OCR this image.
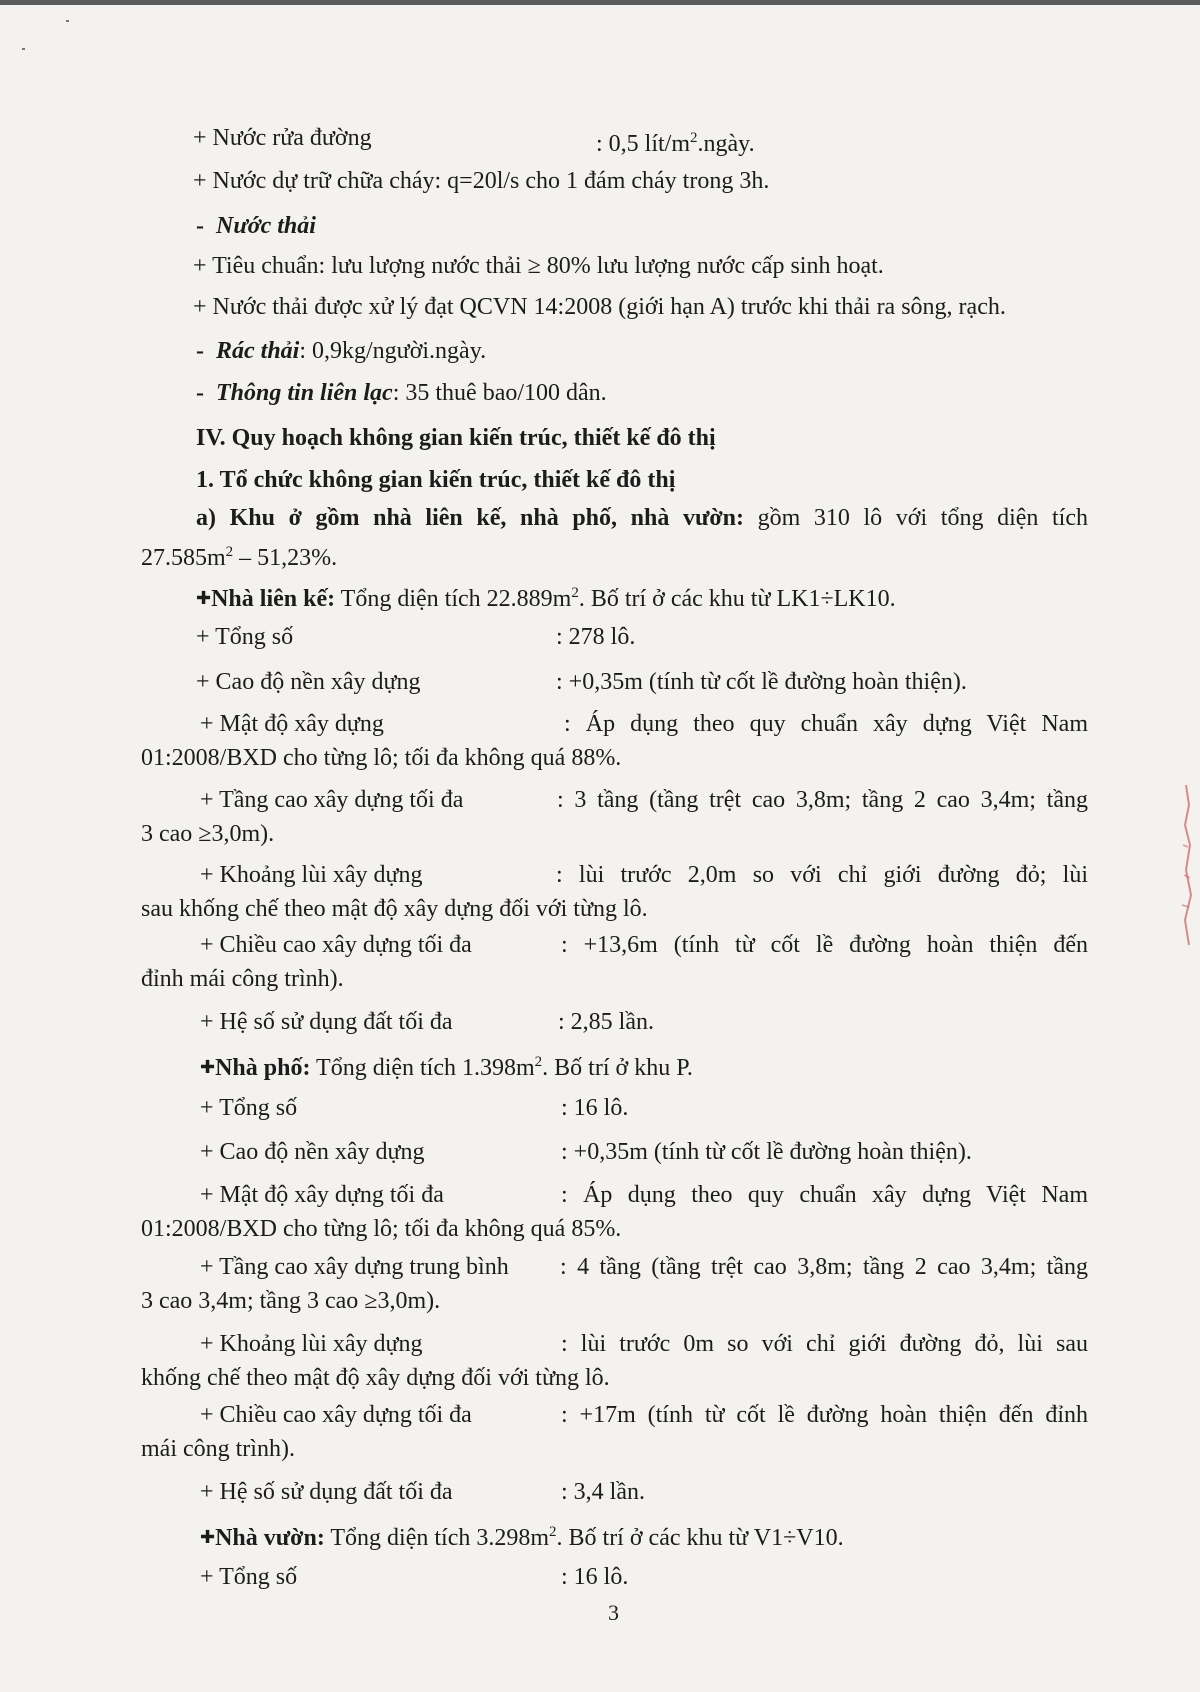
+ Nước rửa đường	: 0,5 lít/$m^2.ngày$.
+ Nước dự trữ chữa cháy: q=20l/s cho 1 đám cháy trong 3h.
- Nước thải
+ Tiêu chuẩn: lưu lượng nước thải ≥ 80% lưu lượng nước cấp sinh hoạt.
+ Nước thải được xử lý đạt QCVN 14:2008 (giới hạn A) trước khi thải ra sông, rạch.
- Rác thải: 0,9kg/người.ngày.
- Thông tin liên lạc: 35 thuê bao/100 dân.
IV. Quy hoạch không gian kiến trúc, thiết kế đô thị
1. Tổ chức không gian kiến trúc, thiết kế đô thị
a) Khu ở gồm nhà liên kế, nhà phố, nhà vườn: gồm 310 lô với tổng diện tích
$27.585m^2 - 51,23\%$.
✚Nhà liên kế: Tổng diện tích $22.889m^2$. Bố trí ở các khu từ LK1÷LK10.
+ Tổng số	: 278 lô.
+ Cao độ nền xây dựng	: +0,35m (tính từ cốt lề đường hoàn thiện).
+ Mật độ xây dựng	: Áp dụng theo quy chuẩn xây dựng Việt Nam
01:2008/BXD cho từng lô; tối đa không quá 88%.
+ Tầng cao xây dựng tối đa	: 3 tầng (tầng trệt cao 3,8m; tầng 2 cao 3,4m; tầng
3 cao ≥3,0m).
+ Khoảng lùi xây dựng	: lùi trước 2,0m so với chỉ giới đường đỏ; lùi
sau khống chế theo mật độ xây dựng đối với từng lô.
+ Chiều cao xây dựng tối đa	: +13,6m (tính từ cốt lề đường hoàn thiện đến
đỉnh mái công trình).
+ Hệ số sử dụng đất tối đa	: 2,85 lần.
✚Nhà phố: Tổng diện tích $1.398m^2$. Bố trí ở khu P.
+ Tổng số	: 16 lô.
+ Cao độ nền xây dựng	: +0,35m (tính từ cốt lề đường hoàn thiện).
+ Mật độ xây dựng tối đa	: Áp dụng theo quy chuẩn xây dựng Việt Nam
01:2008/BXD cho từng lô; tối đa không quá 85%.
+ Tầng cao xây dựng trung bình : 4 tầng (tầng trệt cao 3,8m; tầng 2 cao 3,4m; tầng
3 cao 3,4m; tầng 3 cao ≥3,0m).
+ Khoảng lùi xây dựng	: lùi trước 0m so với chỉ giới đường đỏ, lùi sau
khống chế theo mật độ xây dựng đối với từng lô.
+ Chiều cao xây dựng tối đa	: +17m (tính từ cốt lề đường hoàn thiện đến đỉnh
mái công trình).
+ Hệ số sử dụng đất tối đa	: 3,4 lần.
✚Nhà vườn: Tổng diện tích $3.298m^2$. Bố trí ở các khu từ V1÷V10.
+ Tổng số	: 16 lô.
3
